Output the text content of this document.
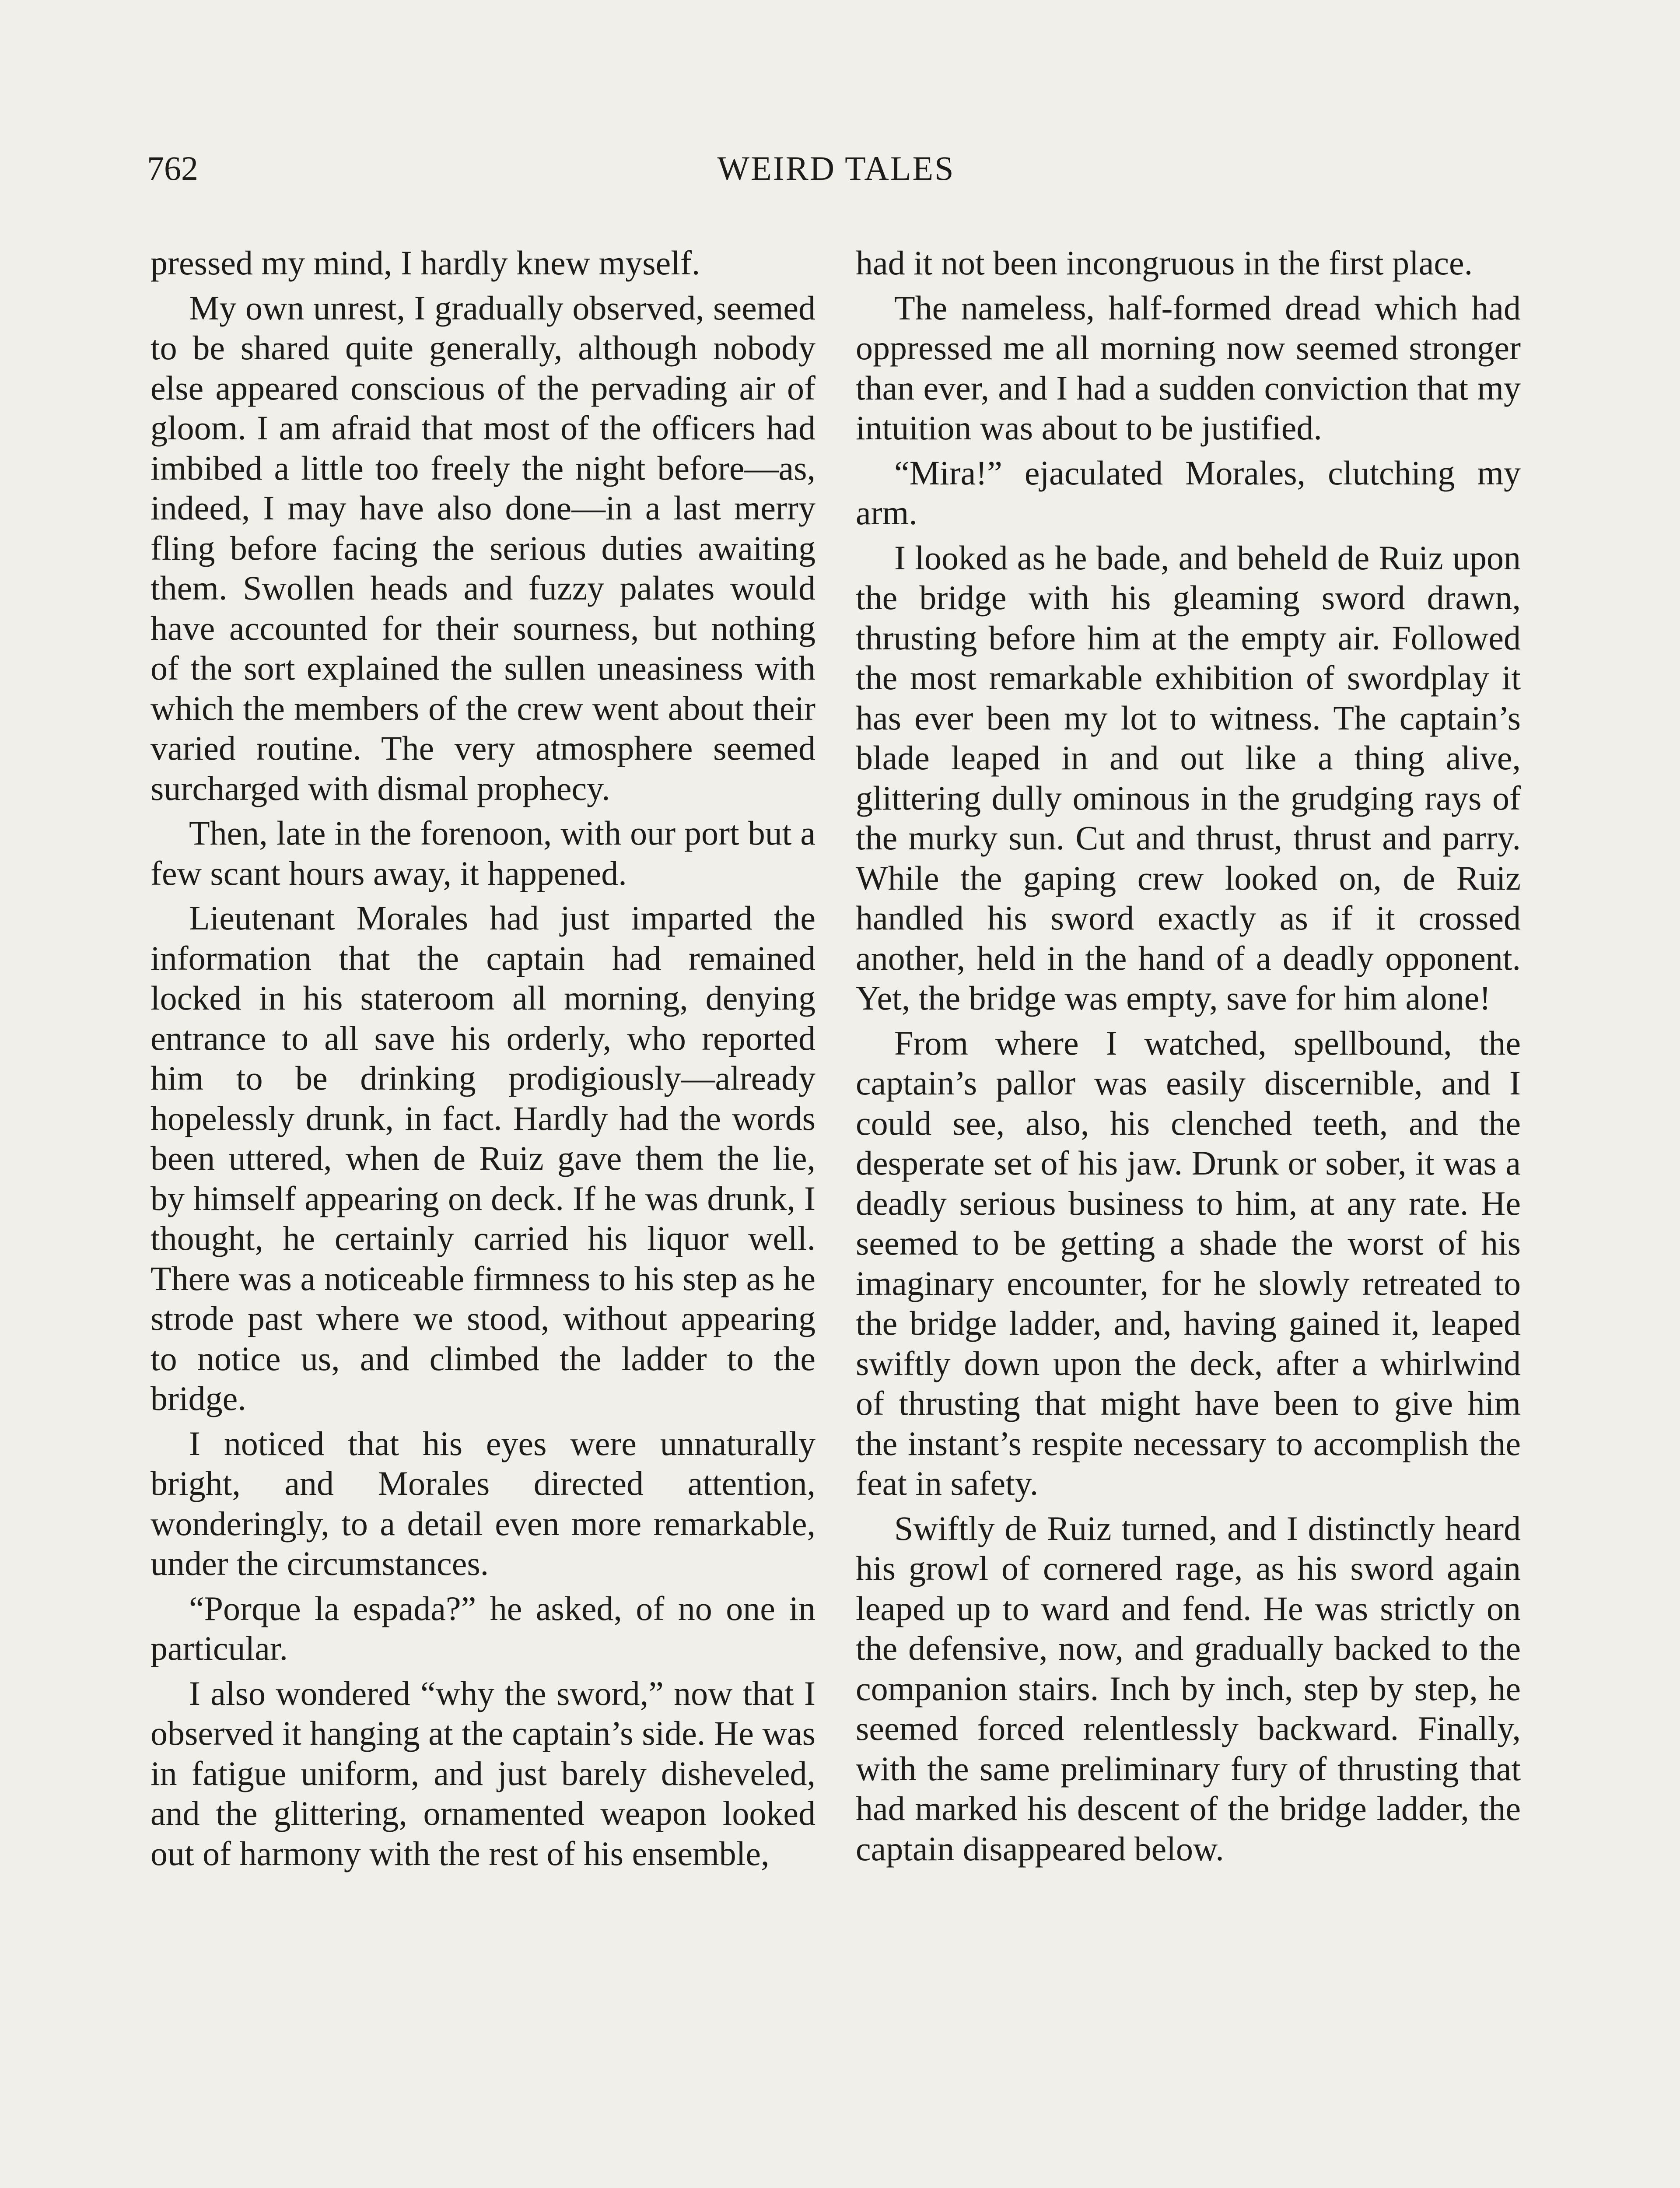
762	WEIRD TALES

pressed my mind, I hardly knew myself.

My own unrest, I gradually observed, seemed to be shared quite generally, although nobody else appeared conscious of the pervading air of gloom. I am afraid that most of the officers had imbibed a little too freely the night before—as, indeed, I may have also done—in a last merry fling before facing the serious duties awaiting them. Swollen heads and fuzzy palates would have accounted for their sourness, but nothing of the sort explained the sullen uneasiness with which the members of the crew went about their varied routine. The very atmosphere seemed surcharged with dismal prophecy.

Then, late in the forenoon, with our port but a few scant hours away, it happened.

Lieutenant Morales had just imparted the information that the captain had remained locked in his stateroom all morning, denying entrance to all save his orderly, who reported him to be drinking prodigiously—already hopelessly drunk, in fact. Hardly had the words been uttered, when de Ruiz gave them the lie, by himself appearing on deck. If he was drunk, I thought, he certainly carried his liquor well. There was a noticeable firmness to his step as he strode past where we stood, without appearing to notice us, and climbed the ladder to the bridge.

I noticed that his eyes were unnaturally bright, and Morales directed attention, wonderingly, to a detail even more remarkable, under the circumstances.

“Porque la espada?” he asked, of no one in particular.

I also wondered “why the sword,” now that I observed it hanging at the captain’s side. He was in fatigue uniform, and just barely disheveled, and the glittering, ornamented weapon looked out of harmony with the rest of his ensemble,

had it not been incongruous in the first place.

The nameless, half-formed dread which had oppressed me all morning now seemed stronger than ever, and I had a sudden conviction that my intuition was about to be justified.

“Mira!” ejaculated Morales, clutching my arm.

I looked as he bade, and beheld de Ruiz upon the bridge with his gleaming sword drawn, thrusting before him at the empty air. Followed the most remarkable exhibition of swordplay it has ever been my lot to witness. The captain’s blade leaped in and out like a thing alive, glittering dully ominous in the grudging rays of the murky sun. Cut and thrust, thrust and parry. While the gaping crew looked on, de Ruiz handled his sword exactly as if it crossed another, held in the hand of a deadly opponent. Yet, the bridge was empty, save for him alone!

From where I watched, spellbound, the captain’s pallor was easily discernible, and I could see, also, his clenched teeth, and the desperate set of his jaw. Drunk or sober, it was a deadly serious business to him, at any rate. He seemed to be getting a shade the worst of his imaginary encounter, for he slowly retreated to the bridge ladder, and, having gained it, leaped swiftly down upon the deck, after a whirlwind of thrusting that might have been to give him the instant’s respite necessary to accomplish the feat in safety.

Swiftly de Ruiz turned, and I distinctly heard his growl of cornered rage, as his sword again leaped up to ward and fend. He was strictly on the defensive, now, and gradually backed to the companion stairs. Inch by inch, step by step, he seemed forced relentlessly backward. Finally, with the same preliminary fury of thrusting that had marked his descent of the bridge ladder, the captain disappeared below.
